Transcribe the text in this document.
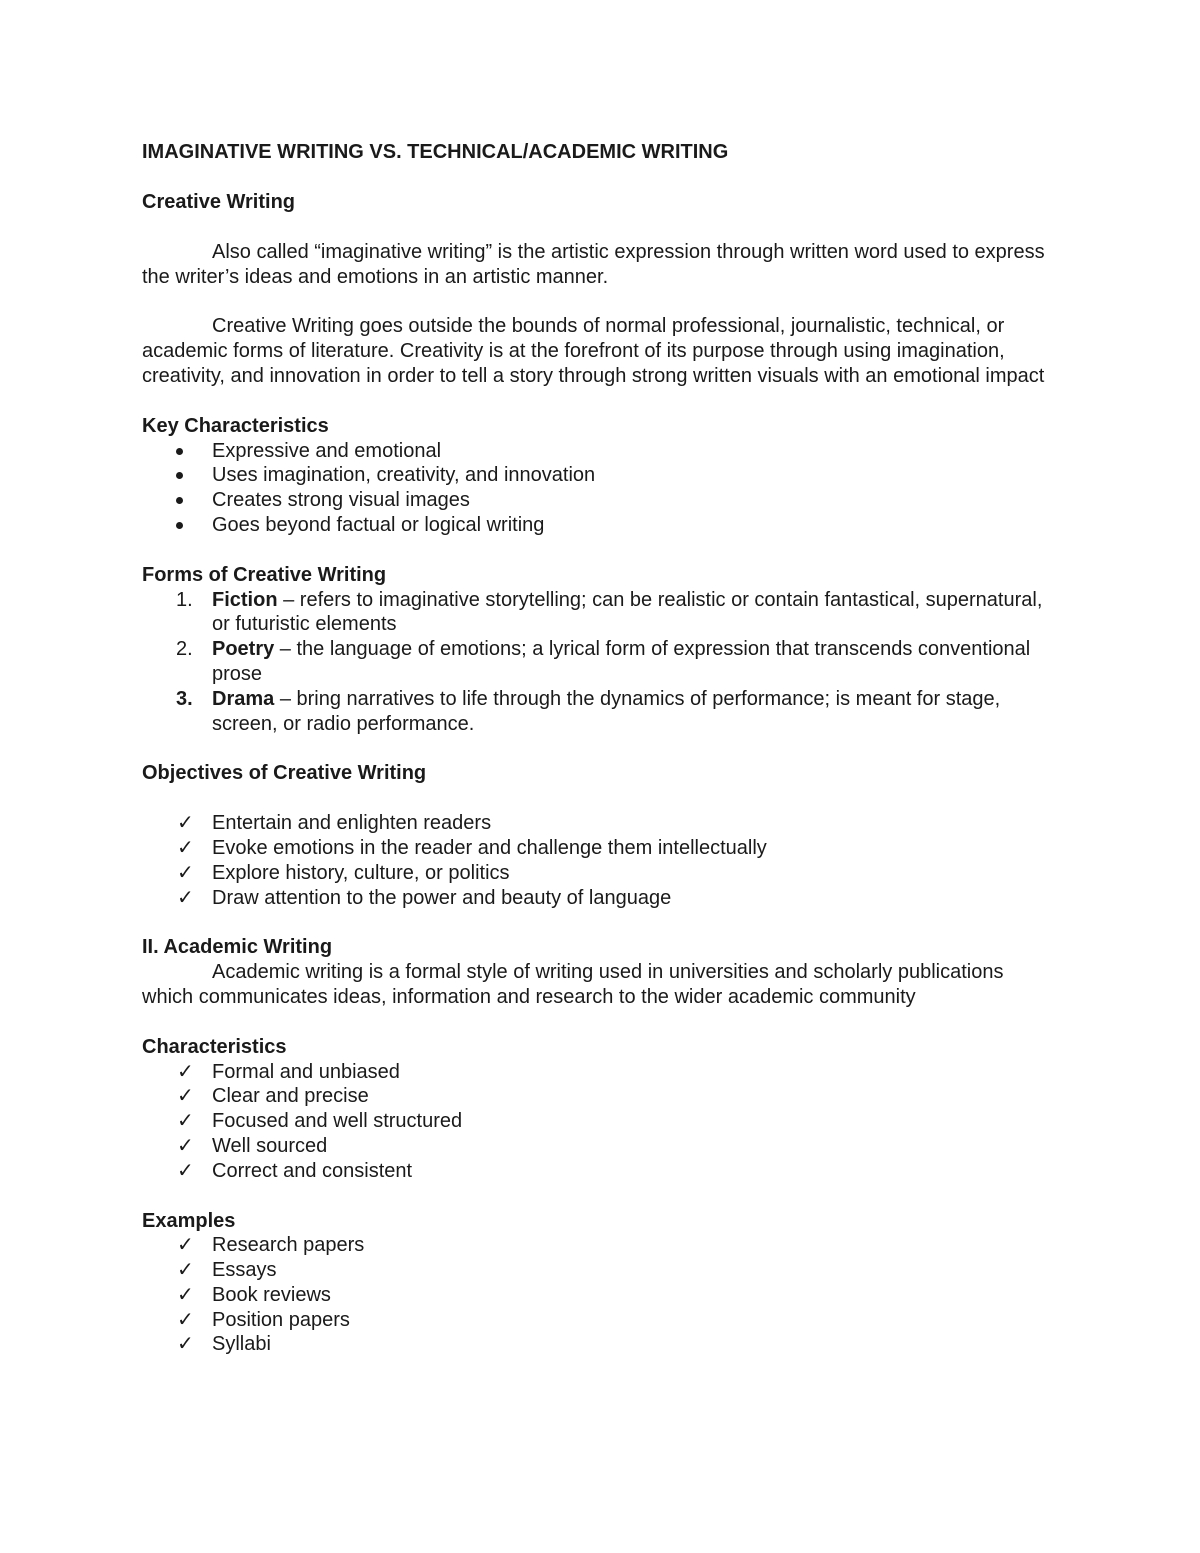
IMAGINATIVE WRITING VS. TECHNICAL/ACADEMIC WRITING

Creative Writing

Also called “imaginative writing” is the artistic expression through written word used to express the writer’s ideas and emotions in an artistic manner.

Creative Writing goes outside the bounds of normal professional, journalistic, technical, or academic forms of literature. Creativity is at the forefront of its purpose through using imagination, creativity, and innovation in order to tell a story through strong written visuals with an emotional impact

Key Characteristics

Expressive and emotional
Uses imagination, creativity, and innovation
Creates strong visual images
Goes beyond factual or logical writing

Forms of Creative Writing

1. Fiction – refers to imaginative storytelling; can be realistic or contain fantastical, supernatural, or futuristic elements
2. Poetry – the language of emotions; a lyrical form of expression that transcends conventional prose
3. Drama – bring narratives to life through the dynamics of performance; is meant for stage, screen, or radio performance.

Objectives of Creative Writing

✓ Entertain and enlighten readers
✓ Evoke emotions in the reader and challenge them intellectually
✓ Explore history, culture, or politics
✓ Draw attention to the power and beauty of language

II. Academic Writing

Academic writing is a formal style of writing used in universities and scholarly publications which communicates ideas, information and research to the wider academic community

Characteristics

✓ Formal and unbiased
✓ Clear and precise
✓ Focused and well structured
✓ Well sourced
✓ Correct and consistent

Examples

✓ Research papers
✓ Essays
✓ Book reviews
✓ Position papers
✓ Syllabi
